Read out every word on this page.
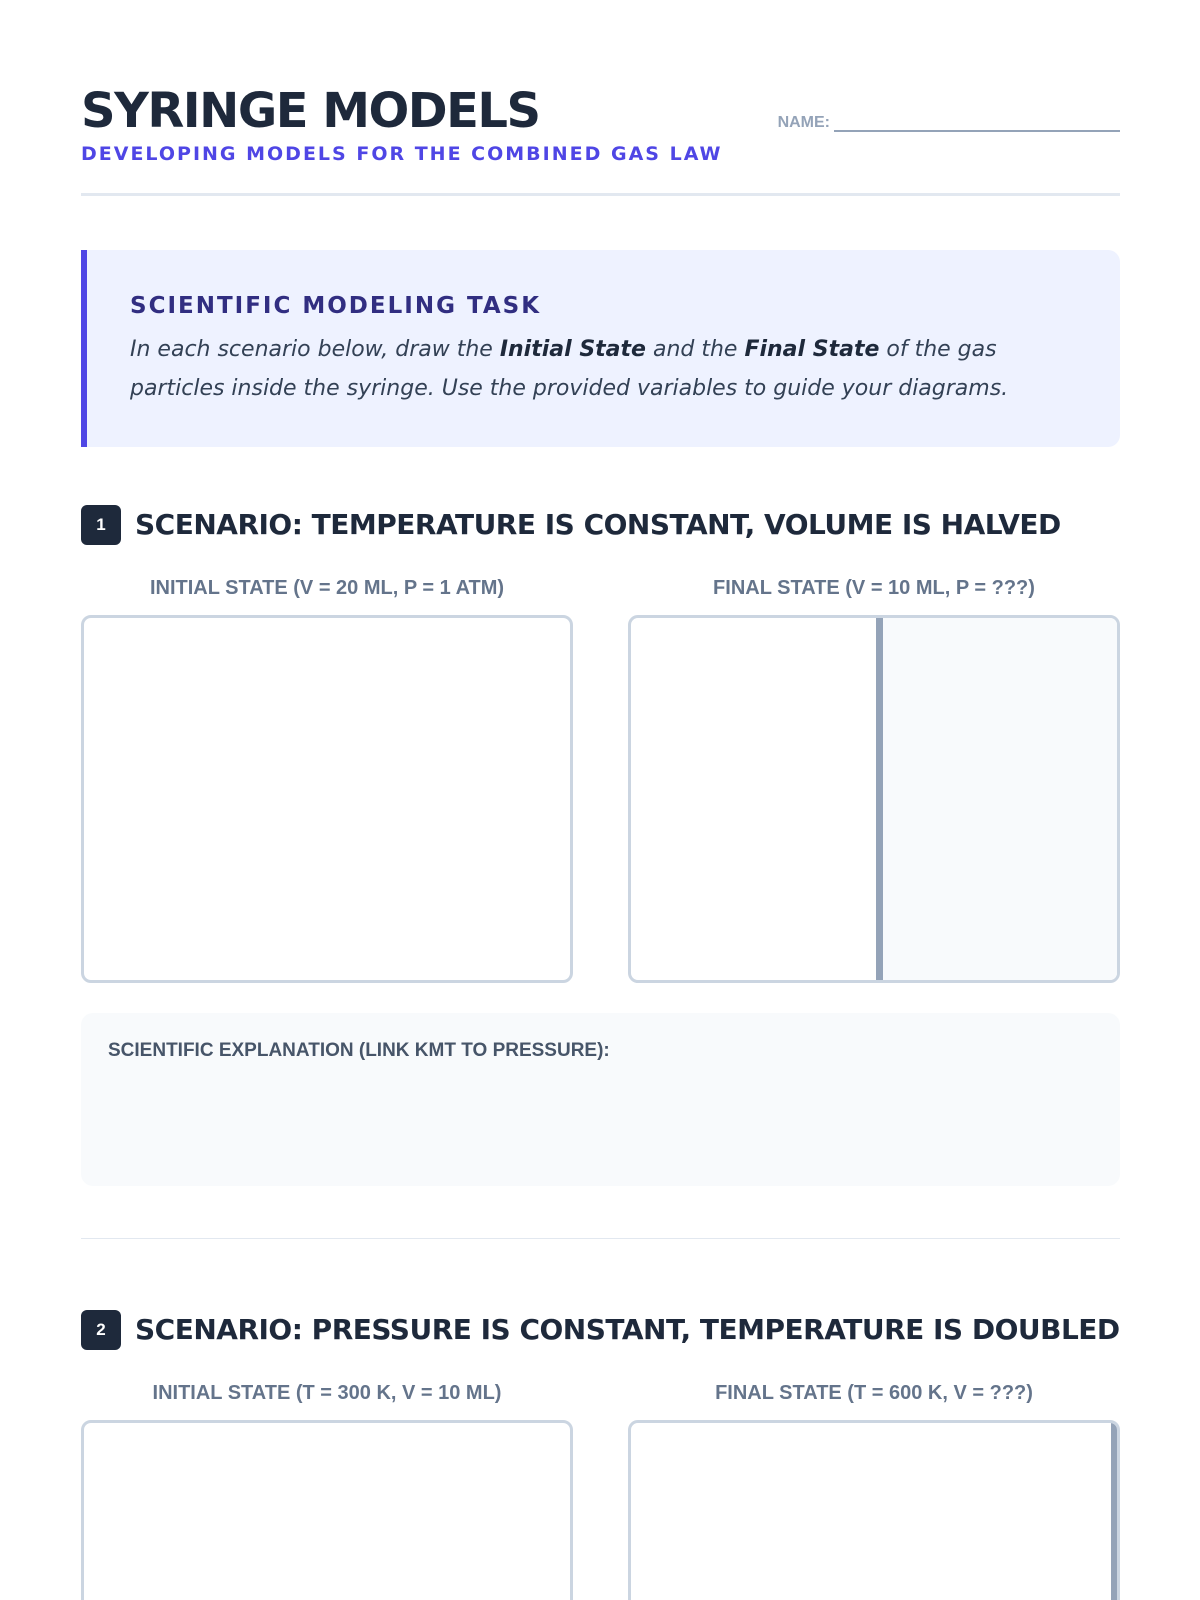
SYRINGE MODELS
DEVELOPING MODELS FOR THE COMBINED GAS LAW
NAME:
SCIENTIFIC MODELING TASK
In each scenario below, draw the Initial State and the Final State of the gas particles inside the syringe. Use the provided variables to guide your diagrams.
1	SCENARIO: TEMPERATURE IS CONSTANT, VOLUME IS HALVED
INITIAL STATE (V = 20 ML, P = 1 ATM)	FINAL STATE (V = 10 ML, P = ???)
SCIENTIFIC EXPLANATION (LINK KMT TO PRESSURE):
2	SCENARIO: PRESSURE IS CONSTANT, TEMPERATURE IS DOUBLED
INITIAL STATE (T = 300 K, V = 10 ML)	FINAL STATE (T = 600 K, V = ???)
